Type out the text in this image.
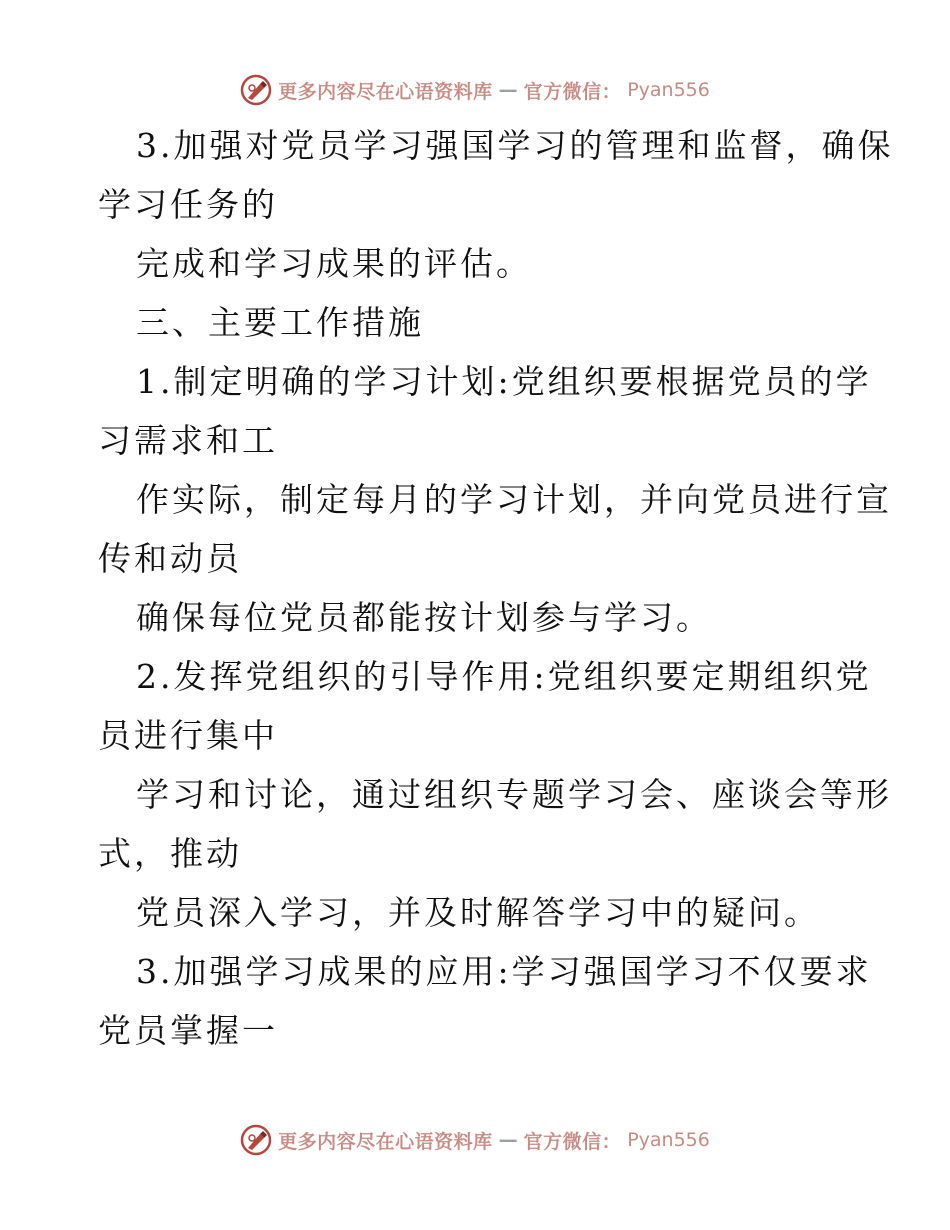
更多内容尽在心语资料库 — 官方微信： Pyan556
3.加强对党员学习强国学习的管理和监督，确保
学习任务的
完成和学习成果的评估。
三、主要工作措施
1.制定明确的学习计划:党组织要根据党员的学
习需求和工
作实际，制定每月的学习计划，并向党员进行宣
传和动员
确保每位党员都能按计划参与学习。
2.发挥党组织的引导作用:党组织要定期组织党
员进行集中
学习和讨论，通过组织专题学习会、座谈会等形
式，推动
党员深入学习，并及时解答学习中的疑问。
3.加强学习成果的应用:学习强国学习不仅要求
党员掌握一
更多内容尽在心语资料库 — 官方微信： Pyan556
